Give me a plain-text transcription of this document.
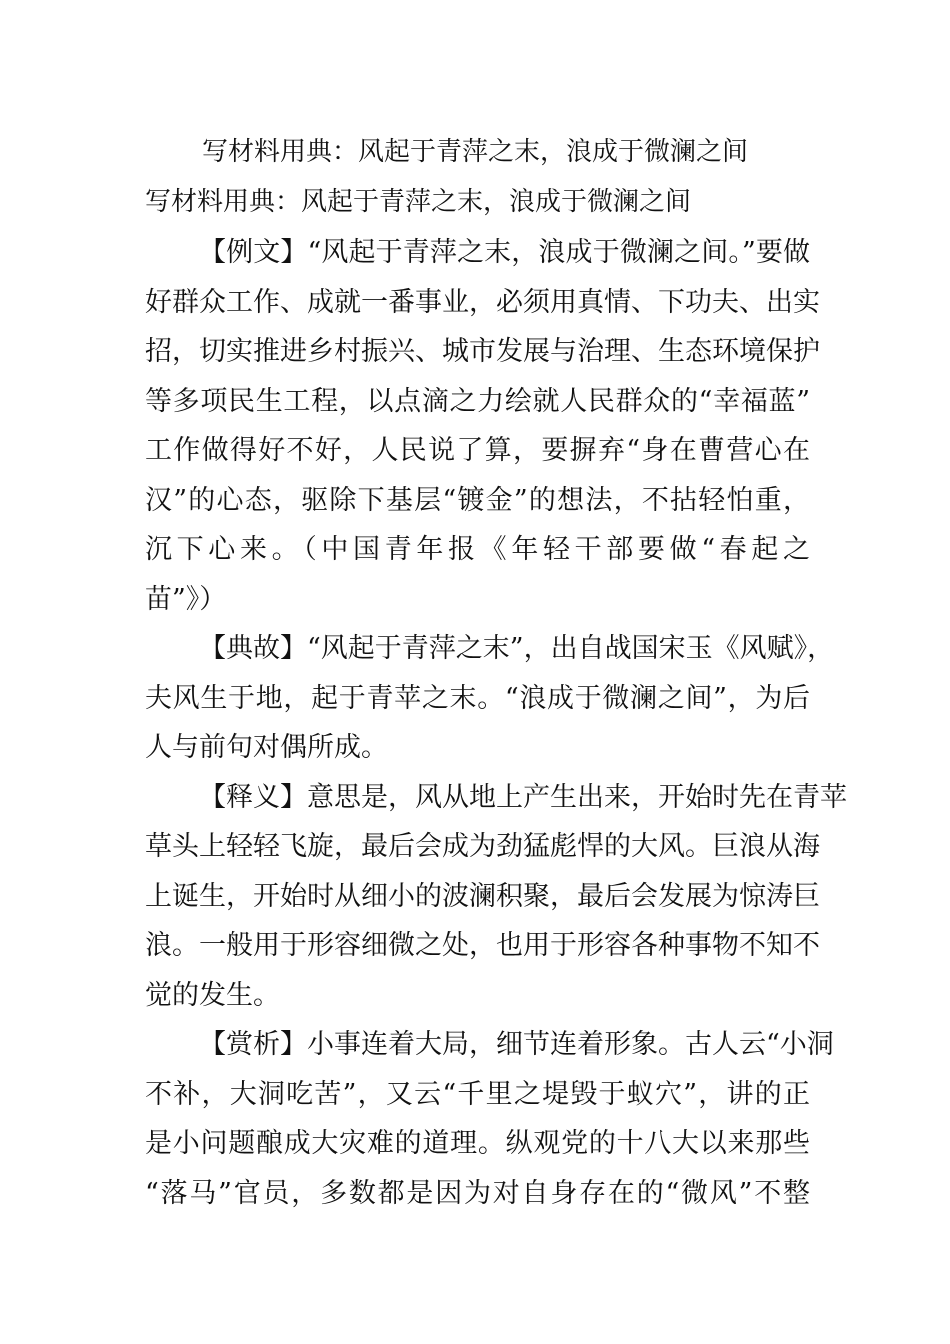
写材料用典：风起于青萍之末，浪成于微澜之间
写材料用典：风起于青萍之末，浪成于微澜之间
【例文】“风起于青萍之末，浪成于微澜之间。”要做
好群众工作、成就一番事业，必须用真情、下功夫、出实
招，切实推进乡村振兴、城市发展与治理、生态环境保护
等多项民生工程，以点滴之力绘就人民群众的“幸福蓝”
工作做得好不好，人民说了算，要摒弃“身在曹营心在
汉”的心态，驱除下基层“镀金”的想法，不拈轻怕重，
沉下心来。（中国青年报《年轻干部要做“春起之
苗”》）
【典故】“风起于青萍之末”，出自战国宋玉《风赋》，
夫风生于地，起于青苹之末。“浪成于微澜之间”，为后
人与前句对偶所成。
【释义】意思是，风从地上产生出来，开始时先在青苹
草头上轻轻飞旋，最后会成为劲猛彪悍的大风。巨浪从海
上诞生，开始时从细小的波澜积聚，最后会发展为惊涛巨
浪。一般用于形容细微之处，也用于形容各种事物不知不
觉的发生。
【赏析】小事连着大局，细节连着形象。古人云“小洞
不补，大洞吃苦”，又云“千里之堤毁于蚁穴”，讲的正
是小问题酿成大灾难的道理。纵观党的十八大以来那些
“落马”官员，多数都是因为对自身存在的“微风”不整
